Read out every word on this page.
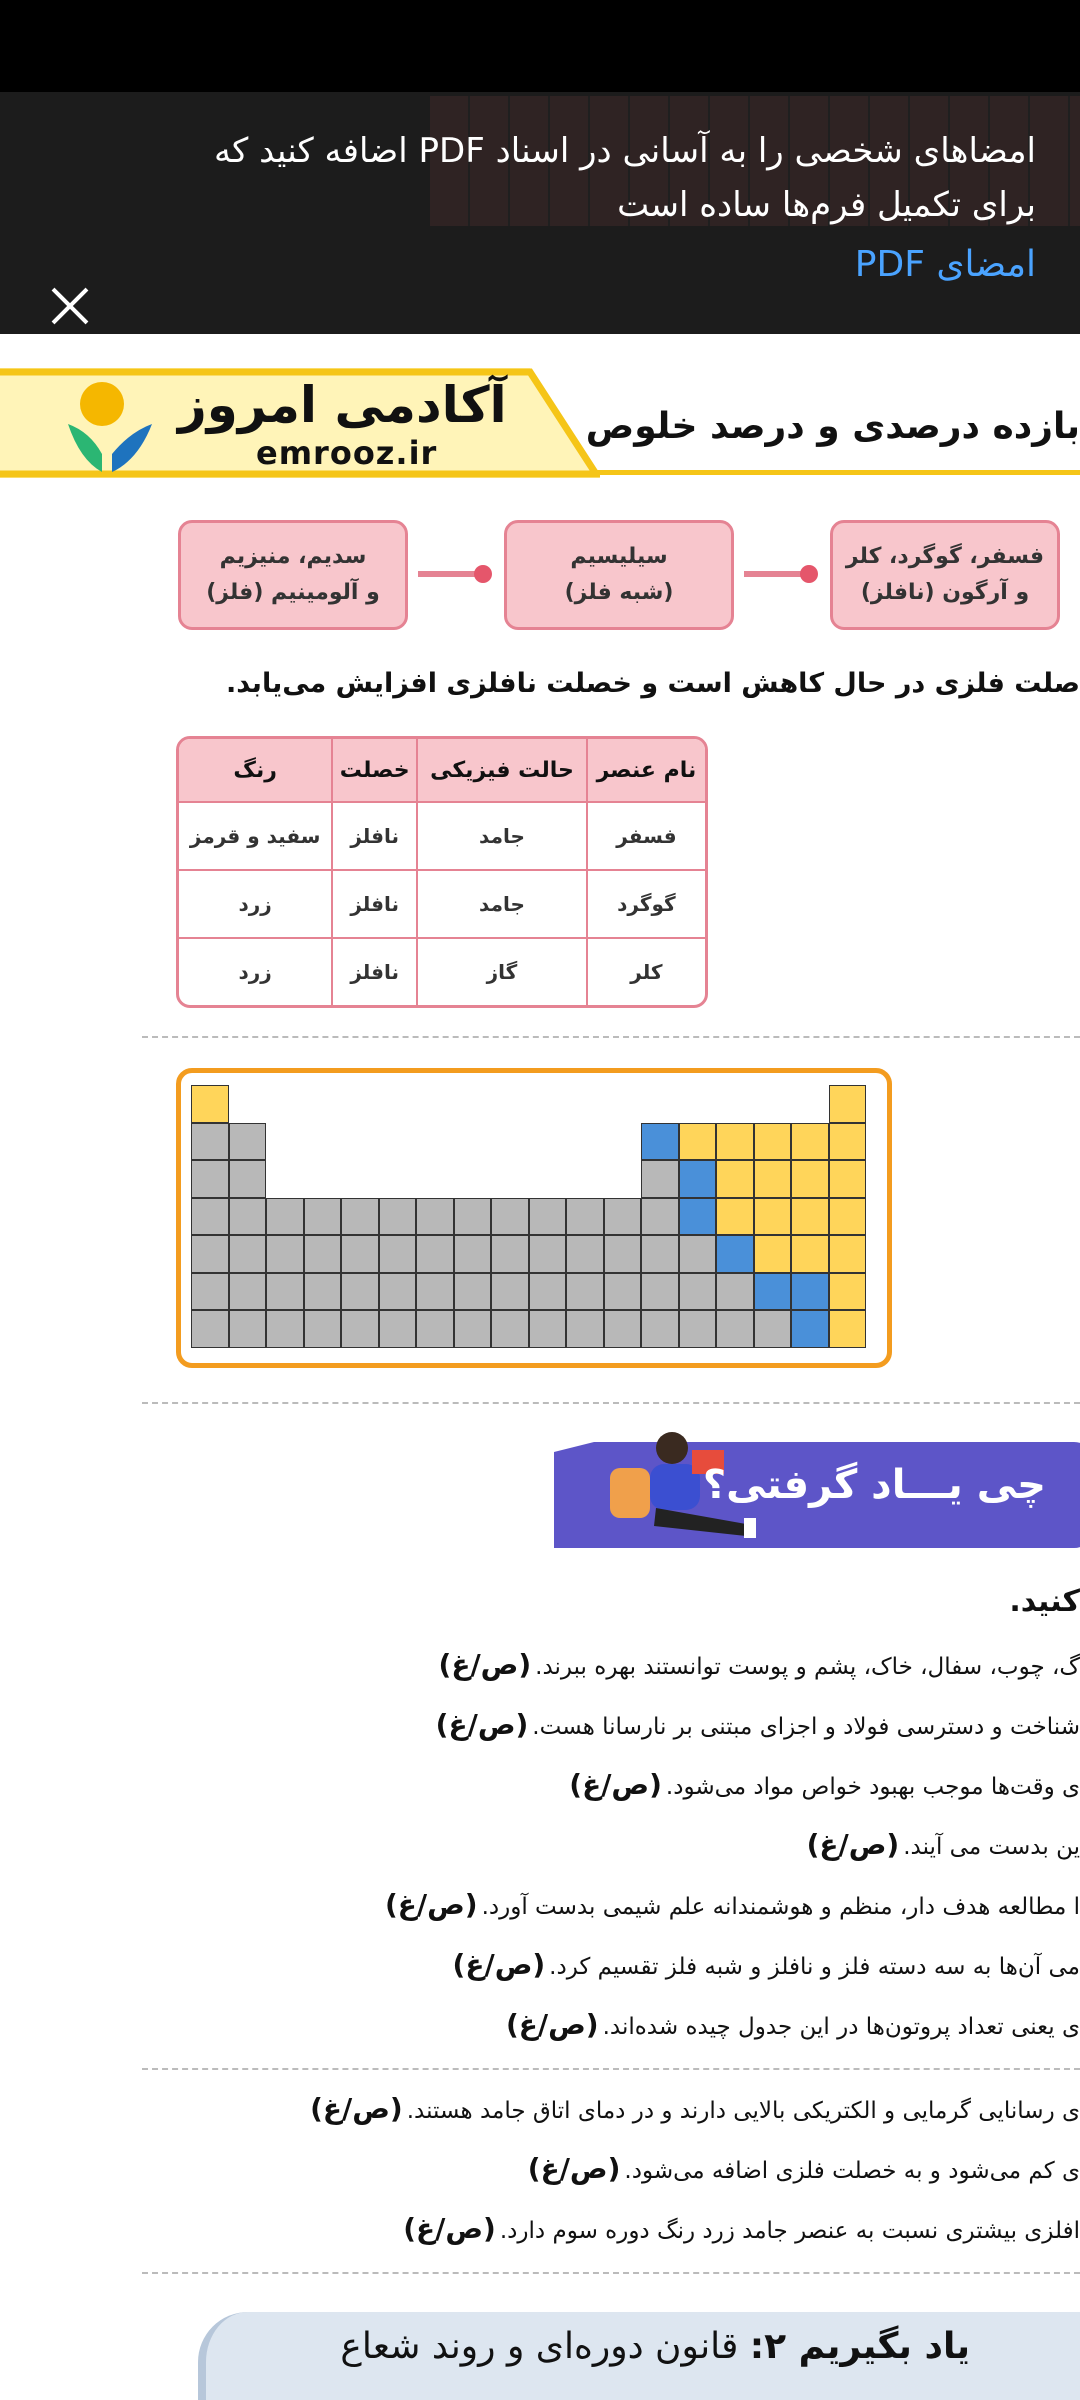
امضاهای شخصی را به آسانی در اسناد PDF اضافه کنید که برای تکمیل فرم‌ها ساده است
امضای PDF
بازده درصدی و درصد خلوص
آکادمی امروز
emrooz.ir
فسفر، گوگرد، کلر
و آرگون (نافلز)
سیلیسیم
(شبه فلز)
سدیم، منیزیم
و آلومینیم (فلز)
صلت فلزی در حال کاهش است و خصلت نافلزی افزایش می‌یابد.
نام عنصر	حالت فیزیکی	خصلت	رنگ
فسفر	جامد	نافلز	سفید و قرمز
گوگرد	جامد	نافلز	زرد
کلر	گاز	نافلز	زرد
چی یـــاد گرفتی؟
کنید.
گ، چوب، سفال، خاک، پشم و پوست توانستند بهره ببرند.(ص/غ)
شناخت و دسترسی فولاد و اجزای مبتنی بر نارسانا هست.(ص/غ)
ی وقت‌ها موجب بهبود خواص مواد می‌شود.(ص/غ)
ین بدست می آیند.(ص/غ)
ا مطالعه هدف دار، منظم و هوشمندانه علم شیمی بدست آورد.(ص/غ)
می آن‌ها به سه دسته فلز و نافلز و شبه فلز تقسیم کرد.(ص/غ)
ی یعنی تعداد پروتون‌ها در این جدول چیده شده‌اند.(ص/غ)
ی رسانایی گرمایی و الکتریکی بالایی دارند و در دمای اتاق جامد هستند.(ص/غ)
ی کم می‌شود و به خصلت فلزی اضافه می‌شود.(ص/غ)
افلزی بیشتری نسبت به عنصر جامد زرد رنگ دوره سوم دارد.(ص/غ)
یاد بگیریم ۲: قانون دوره‌ای و روند شعاع
